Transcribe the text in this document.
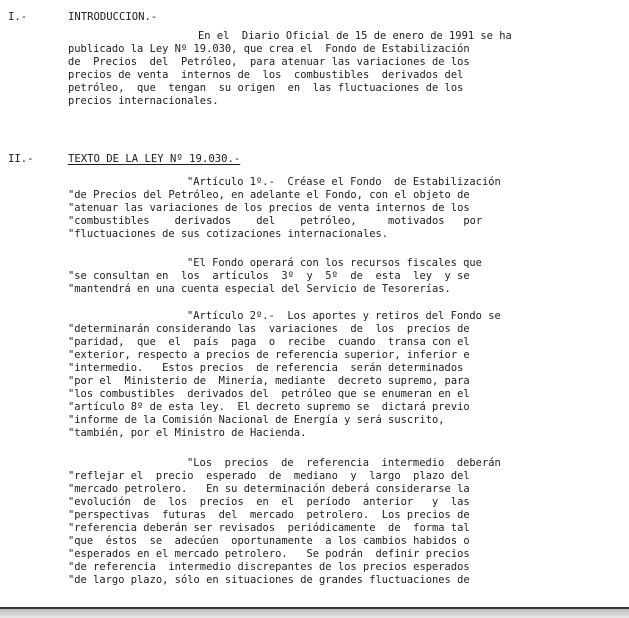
I.-	INTRODUCCION.-
En el  Diario Oficial de 15 de enero de 1991 se ha
publicado la Ley Nº 19.030, que crea el  Fondo de Estabilización
de  Precios  del  Petróleo,  para atenuar las variaciones de los
precios de venta  internos de  los  combustibles  derivados del
petróleo,  que  tengan  su origen  en  las fluctuaciones de los
precios internacionales.
II.-	TEXTO DE LA LEY Nº 19.030.-
"Artículo 1º.-  Créase el Fondo  de Estabilización
"de Precios del Petróleo, en adelante el Fondo, con el objeto de
"atenuar las variaciones de los precios de venta internos de los
"combustibles    derivados    del    petróleo,     motivados   por
"fluctuaciones de sus cotizaciones internacionales.
"El Fondo operará con los recursos fiscales que
"se consultan en  los  artículos  3º  y  5º  de  esta  ley  y se
"mantendrá en una cuenta especial del Servicio de Tesorerías.
"Artículo 2º.-  Los aportes y retiros del Fondo se
"determinarán considerando las  variaciones  de  los  precios de
"paridad,  que  el  país  paga  o  recibe  cuando  transa con el
"exterior, respecto a precios de referencia superior, inferior e
"intermedio.   Estos precios  de referencia  serán determinados
"por el  Ministerio de  Minería, mediante  decreto supremo, para
"los combustibles  derivados del  petróleo que se enumeran en el
"artículo 8º de esta ley.  El decreto supremo se  dictará previo
"informe de la Comisión Nacional de Energía y será suscrito,
"también, por el Ministro de Hacienda.
"Los  precios  de  referencia  intermedio  deberán
"reflejar el  precio  esperado  de  mediano  y  largo  plazo del
"mercado petrolero.   En su determinación deberá considerarse la
"evolución  de  los  precios  en  el  período  anterior   y  las
"perspectivas  futuras  del  mercado  petrolero.  Los precios de
"referencia deberán ser revisados  periódicamente  de  forma tal
"que  éstos  se  adecúen  oportunamente  a los cambios habidos o
"esperados en el mercado petrolero.   Se podrán  definir precios
"de referencia  intermedio discrepantes de los precios esperados
"de largo plazo, sólo en situaciones de grandes fluctuaciones de
